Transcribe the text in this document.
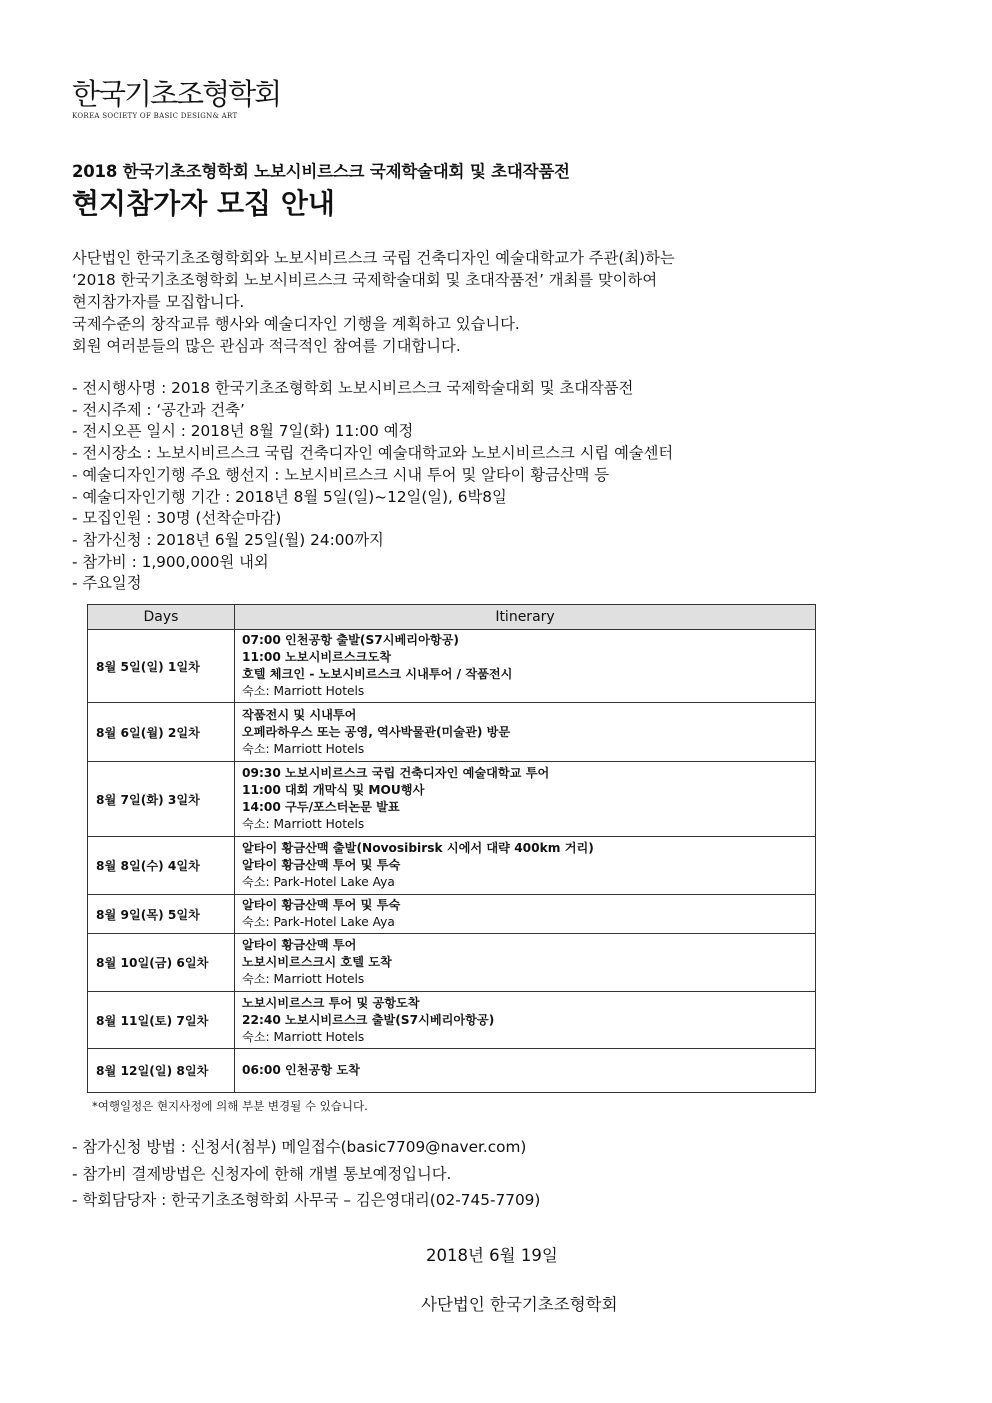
한국기초조형학회
KOREA SOCIETY OF BASIC DESIGN& ART
2018 한국기초조형학회 노보시비르스크 국제학술대회 및 초대작품전
현지참가자 모집 안내
사단법인 한국기초조형학회와 노보시비르스크 국립 건축디자인 예술대학교가 주관(최)하는
‘2018 한국기초조형학회 노보시비르스크 국제학술대회 및 초대작품전’ 개최를 맞이하여
현지참가자를 모집합니다.
국제수준의 창작교류 행사와 예술디자인 기행을 계획하고 있습니다.
회원 여러분들의 많은 관심과 적극적인 참여를 기대합니다.
- 전시행사명 : 2018 한국기초조형학회 노보시비르스크 국제학술대회 및 초대작품전
- 전시주제 : ‘공간과 건축’
- 전시오픈 일시 : 2018년 8월 7일(화) 11:00 예정
- 전시장소 : 노보시비르스크 국립 건축디자인 예술대학교와 노보시비르스크 시립 예술센터
- 예술디자인기행 주요 행선지 : 노보시비르스크 시내 투어 및 알타이 황금산맥 등
- 예술디자인기행 기간 : 2018년 8월 5일(일)~12일(일), 6박8일
- 모집인원 : 30명 (선착순마감)
- 참가신청 : 2018년 6월 25일(월) 24:00까지
- 참가비 : 1,900,000원 내외
- 주요일정
Days	Itinerary
8월 5일(일) 1일차	07:00 인천공항 출발(S7시베리아항공)
11:00 노보시비르스크도착
호텔 체크인 - 노보시비르스크 시내투어 / 작품전시
숙소: Marriott Hotels

8월 6일(월) 2일차	작품전시 및 시내투어
오페라하우스 또는 공영, 역사박물관(미술관) 방문
숙소: Marriott Hotels

8월 7일(화) 3일차	09:30 노보시비르스크 국립 건축디자인 예술대학교 투어
11:00 대회 개막식 및 MOU행사
14:00 구두/포스터논문 발표
숙소: Marriott Hotels

8월 8일(수) 4일차	알타이 황금산맥 출발(Novosibirsk 시에서 대략 400km 거리)
알타이 황금산맥 투어 및 투숙
숙소: Park-Hotel Lake Aya

8월 9일(목) 5일차	알타이 황금산맥 투어 및 투숙
숙소: Park-Hotel Lake Aya

8월 10일(금) 6일차	알타이 황금산맥 투어
노보시비르스크시 호텔 도착
숙소: Marriott Hotels

8월 11일(토) 7일차	노보시비르스크 투어 및 공항도착
22:40 노보시비르스크 출발(S7시베리아항공)
숙소: Marriott Hotels

8월 12일(일) 8일차	06:00 인천공항 도착
*여행일정은 현지사정에 의해 부분 변경될 수 있습니다.
- 참가신청 방법 : 신청서(첨부) 메일접수(basic7709@naver.com)
- 참가비 결제방법은 신청자에 한해 개별 통보예정입니다.
- 학회담당자 : 한국기초조형학회 사무국 – 김은영대리(02-745-7709)
2018년 6월 19일
사단법인 한국기초조형학회
